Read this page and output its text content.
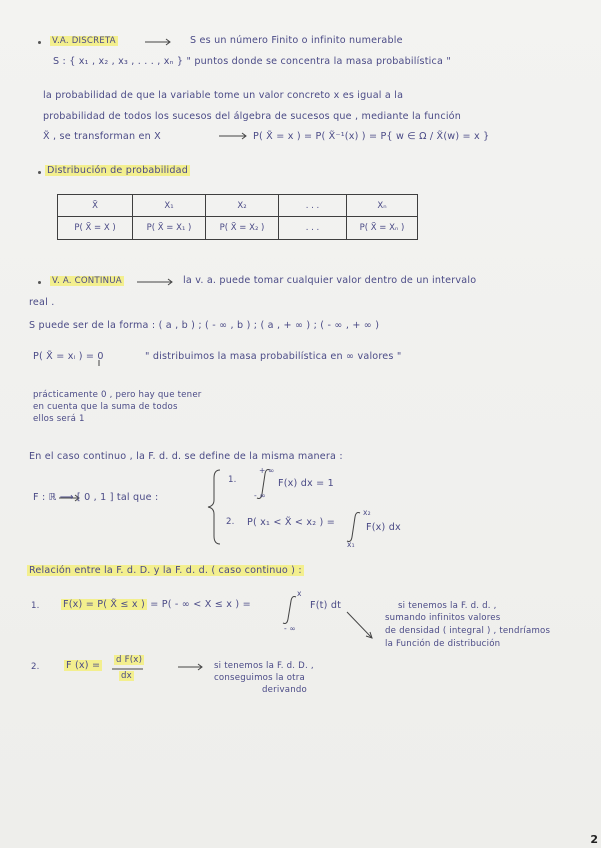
V.A. DISCRETA	S es un número Finito o infinito numerable
S : { x₁ , x₂ , x₃ , . . . , xₙ } " puntos donde se concentra la masa probabilística "
la probabilidad de que la variable tome un valor concreto x es igual a la
probabilidad de todos los sucesos del álgebra de sucesos que , mediante la función
X̃ , se transforman en X	P( X̃ = x ) = P( X̃⁻¹(x) ) = P{ w ∈ Ω / X̃(w) = x }
Distribución de probabilidad
X̃	X₁	X₂	. . .	Xₙ
P( X̃ = X )	P( X̃ = X₁ )	P( X̃ = X₂ )	. . .	P( X̃ = Xₙ )
V. A. CONTINUA	la v. a. puede tomar cualquier valor dentro de un intervalo
real .
S puede ser de la forma : ( a , b ) ; ( - ∞ , b ) ; ( a , + ∞ ) ; ( - ∞ , + ∞ )
P( X̃ = xᵢ ) = 0	" distribuimos la masa probabilística en ∞ valores "
prácticamente 0 , pero hay que tener
en cuenta que la suma de todos
ellos será 1
En el caso continuo , la F. d. d. se define de la misma manera :
F : ℝ ⟶ [ 0 , 1 ] tal que :
+ ∞
- ∞
1.	F(x) dx = 1
x₂
x₁
2. P( x₁ < X̃ < x₂ ) =	F(x) dx
Relación entre la F. d. D. y la F. d. d. ( caso continuo ) :
1. F(x) = P( X̃ ≤ x ) = P( - ∞ < X ≤ x ) =
x
- ∞
F(t) dt	si tenemos la F. d. d. ,
sumando infinitos valores
de densidad ( integral ) , tendríamos
la Función de distribución
2.	F (x) = d F(x)
dx
si tenemos la F. d. D. ,
conseguimos la otra
derivando
2
